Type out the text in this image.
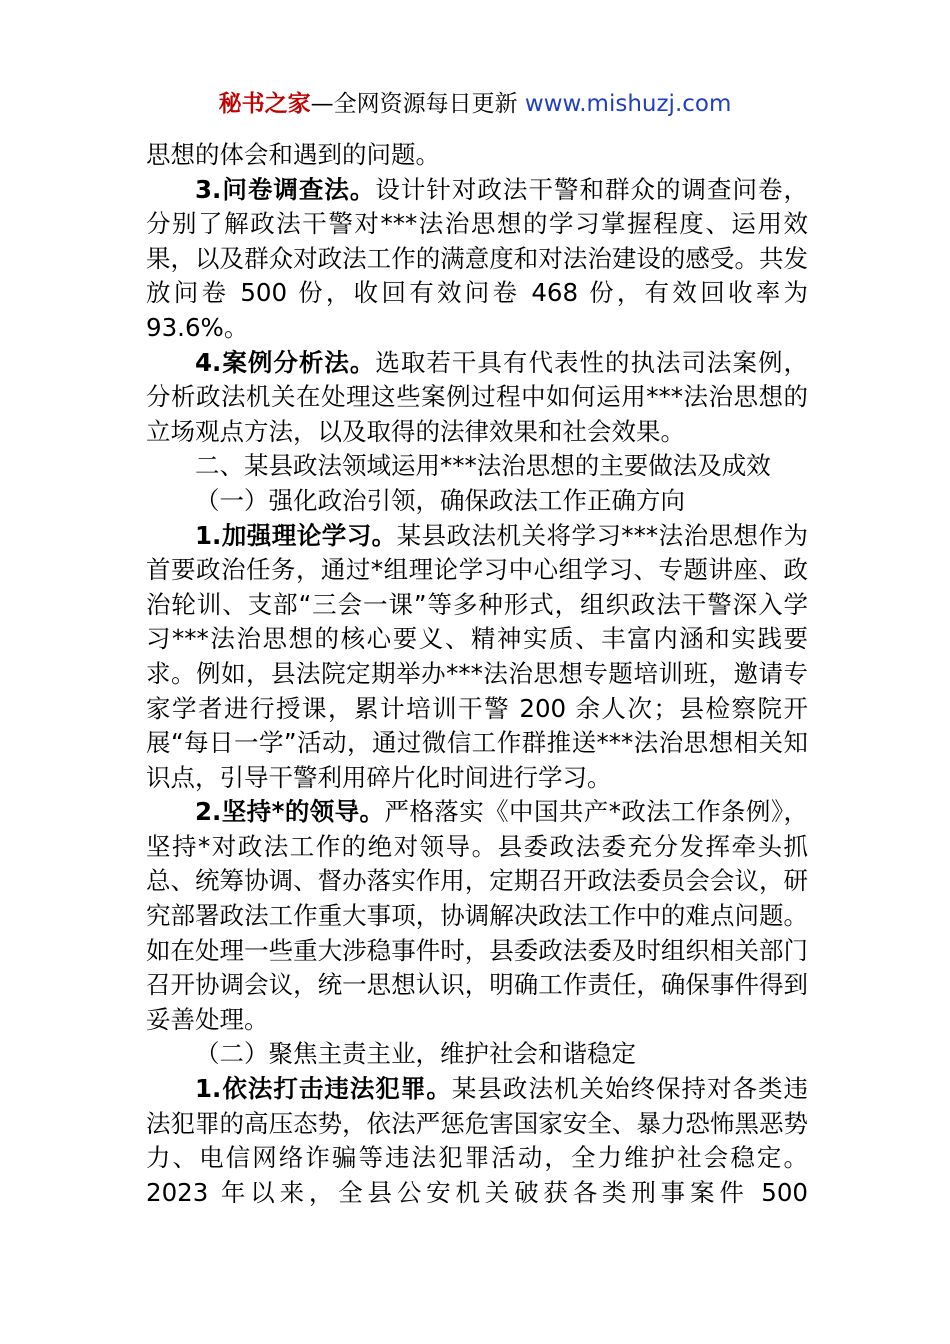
秘书之家—全网资源每日更新 www.mishuzj.com

思想的体会和遇到的问题。

3.问卷调查法。设计针对政法干警和群众的调查问卷，分别了解政法干警对***法治思想的学习掌握程度、运用效果，以及群众对政法工作的满意度和对法治建设的感受。共发放问卷 500 份，收回有效问卷 468 份，有效回收率为 93.6%。

4.案例分析法。选取若干具有代表性的执法司法案例，分析政法机关在处理这些案例过程中如何运用***法治思想的立场观点方法，以及取得的法律效果和社会效果。

二、某县政法领域运用***法治思想的主要做法及成效

（一）强化政治引领，确保政法工作正确方向

1.加强理论学习。某县政法机关将学习***法治思想作为首要政治任务，通过*组理论学习中心组学习、专题讲座、政治轮训、支部“三会一课”等多种形式，组织政法干警深入学习***法治思想的核心要义、精神实质、丰富内涵和实践要求。例如，县法院定期举办***法治思想专题培训班，邀请专家学者进行授课，累计培训干警 200 余人次；县检察院开展“每日一学”活动，通过微信工作群推送***法治思想相关知识点，引导干警利用碎片化时间进行学习。

2.坚持*的领导。严格落实《中国共产*政法工作条例》，坚持*对政法工作的绝对领导。县委政法委充分发挥牵头抓总、统筹协调、督办落实作用，定期召开政法委员会会议，研究部署政法工作重大事项，协调解决政法工作中的难点问题。如在处理一些重大涉稳事件时，县委政法委及时组织相关部门召开协调会议，统一思想认识，明确工作责任，确保事件得到妥善处理。

（二）聚焦主责主业，维护社会和谐稳定

1.依法打击违法犯罪。某县政法机关始终保持对各类违法犯罪的高压态势，依法严惩危害国家安全、暴力恐怖黑恶势力、电信网络诈骗等违法犯罪活动，全力维护社会稳定。2023 年以来，全县公安机关破获各类刑事案件 500
